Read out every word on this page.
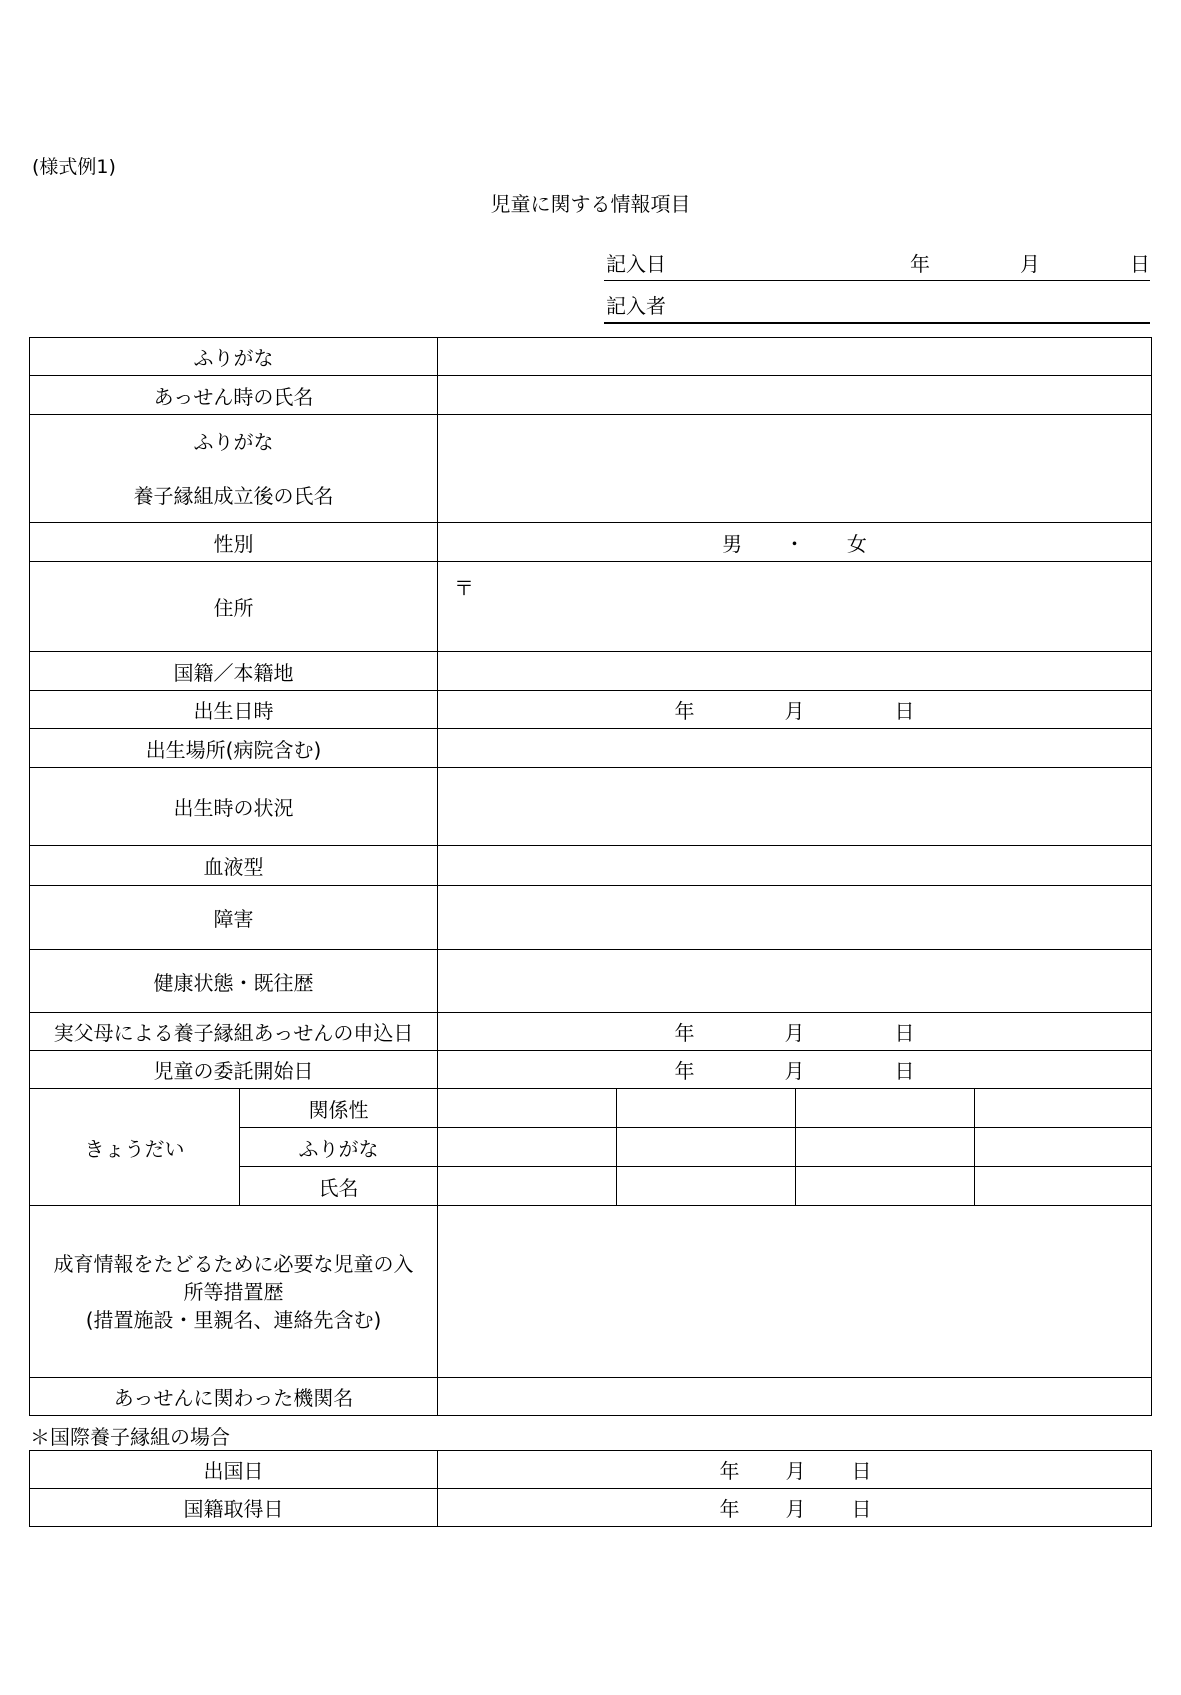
(様式例1)
児童に関する情報項目
記入日	年	月	日
記入者
ふりがな					
あっせん時の氏名					

ふりがな
養子縁組成立後の氏名					

性別		男 ・ 女			
住所		〒			

国籍／本籍地					
出生日時		年 月 日			

出生場所(病院含む)					
出生時の状況					
血液型					
障害					
健康状態・既往歴					
実父母による養子縁組あっせんの申込日		年 月 日			

児童の委託開始日		年 月 日			

きょうだい	関係性				
	ふりがな				
	氏名				

成育情報をたどるために必要な児童の入
所等措置歴
(措置施設・里親名、連絡先含む)					

あっせんに関わった機関名					
＊国際養子縁組の場合
出国日	年 月 日

国籍取得日	年 月 日
